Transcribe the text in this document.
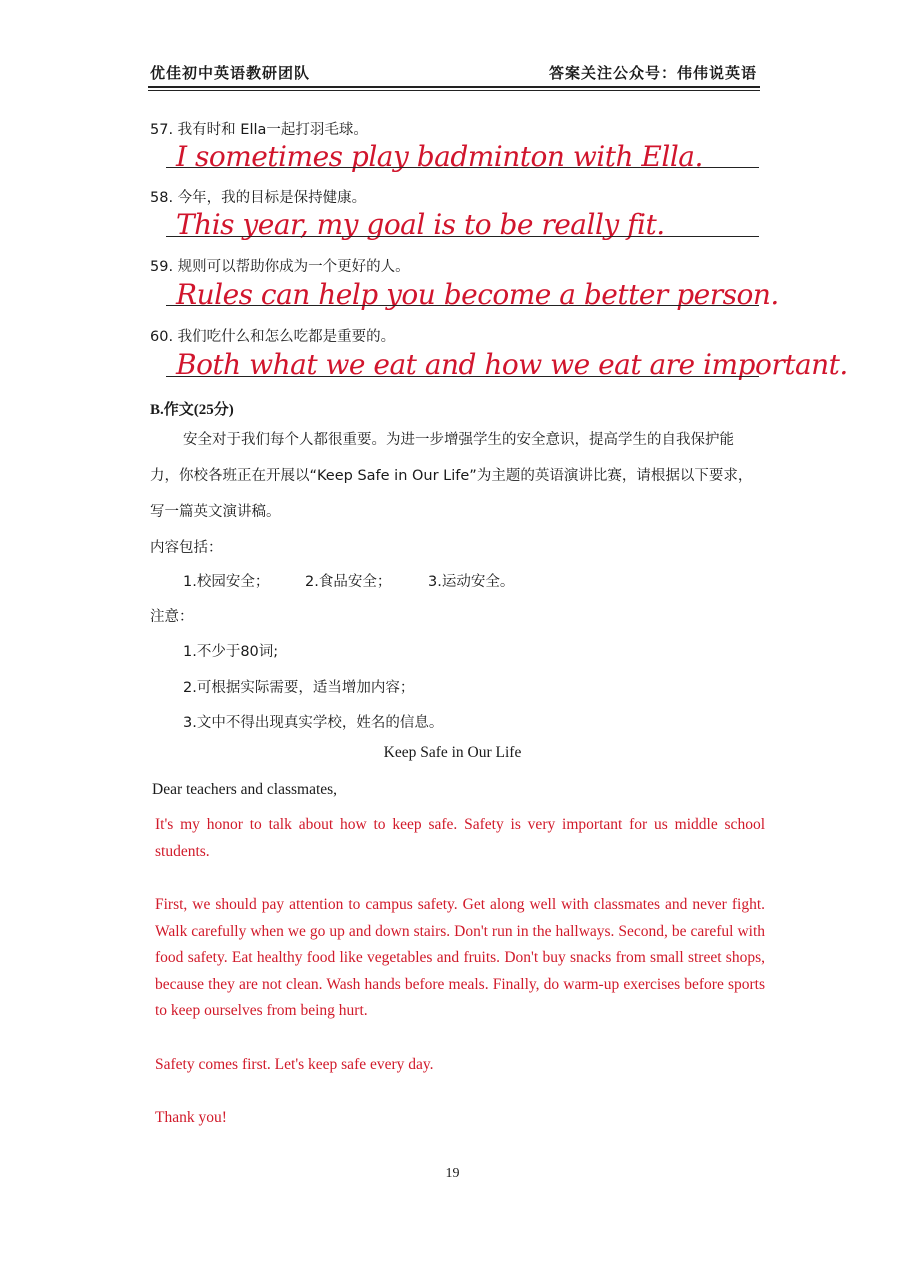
优佳初中英语教研团队	答案关注公众号：伟伟说英语
57. 我有时和 Ella一起打羽毛球。
I sometimes play badminton with Ella.
58. 今年，我的目标是保持健康。
This year, my goal is to be really fit.
59. 规则可以帮助你成为一个更好的人。
Rules can help you become a better person.
60. 我们吃什么和怎么吃都是重要的。
Both what we eat and how we eat are important.
B.作文(25分)
安全对于我们每个人都很重要。为进一步增强学生的安全意识，提高学生的自我保护能
力，你校各班正在开展以“Keep Safe in Our Life”为主题的英语演讲比赛，请根据以下要求，
写一篇英文演讲稿。
内容包括：
1.校园安全； 2.食品安全；	3.运动安全。
注意：
1.不少于80词;
2.可根据实际需要，适当增加内容；
3.文中不得出现真实学校，姓名的信息。
Keep Safe in Our Life
Dear teachers and classmates,
It's my honor to talk about how to keep safe. Safety is very important for us middle school students.
First, we should pay attention to campus safety. Get along well with classmates and never fight. Walk carefully when we go up and down stairs. Don't run in the hallways. Second, be careful with food safety. Eat healthy food like vegetables and fruits. Don't buy snacks from small street shops, because they are not clean. Wash hands before meals. Finally, do warm-up exercises before sports to keep ourselves from being hurt.
Safety comes first. Let's keep safe every day.
Thank you!
19
